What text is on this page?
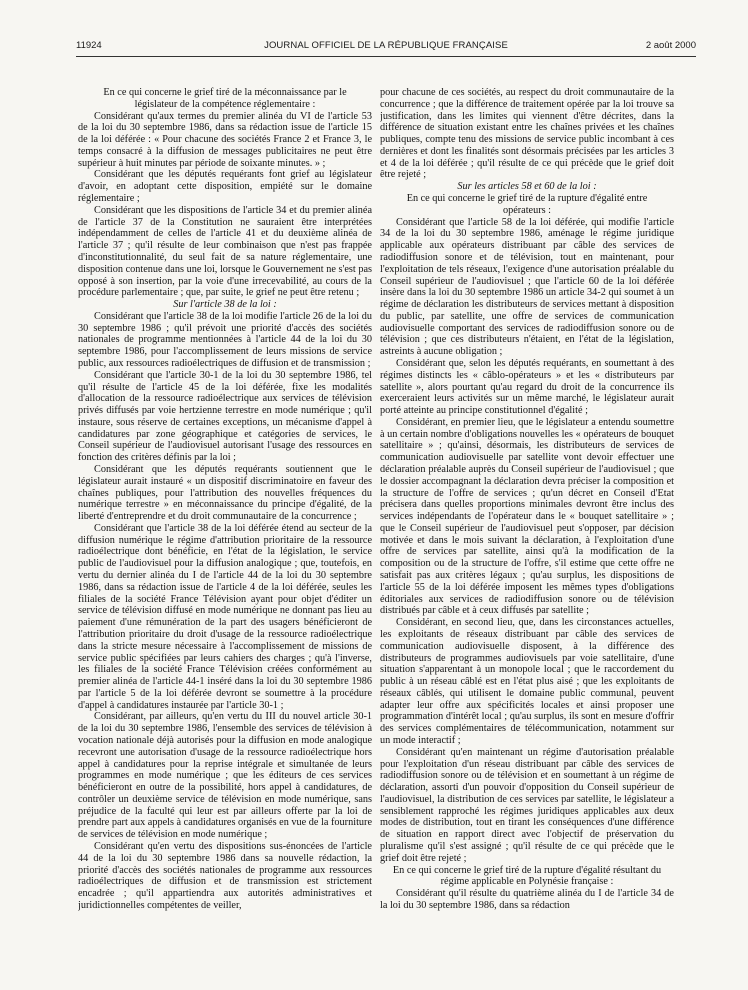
11924	JOURNAL OFFICIEL DE LA RÉPUBLIQUE FRANÇAISE	2 août 2000

En ce qui concerne le grief tiré de la méconnaissance par le législateur de la compétence réglementaire :

Considérant qu'aux termes du premier alinéa du VI de l'article 53 de la loi du 30 septembre 1986, dans sa rédaction issue de l'article 15 de la loi déférée : « Pour chacune des sociétés France 2 et France 3, le temps consacré à la diffusion de messages publicitaires ne peut être supérieur à huit minutes par période de soixante minutes. » ;

Considérant que les députés requérants font grief au législateur d'avoir, en adoptant cette disposition, empiété sur le domaine réglementaire ;

Considérant que les dispositions de l'article 34 et du premier alinéa de l'article 37 de la Constitution ne sauraient être interprétées indépendamment de celles de l'article 41 et du deuxième alinéa de l'article 37 ; qu'il résulte de leur combinaison que n'est pas frappée d'inconstitutionnalité, du seul fait de sa nature réglementaire, une disposition contenue dans une loi, lorsque le Gouvernement ne s'est pas opposé à son insertion, par la voie d'une irrecevabilité, au cours de la procédure parlementaire ; que, par suite, le grief ne peut être retenu ;

Sur l'article 38 de la loi :

Considérant que l'article 38 de la loi modifie l'article 26 de la loi du 30 septembre 1986 ; qu'il prévoit une priorité d'accès des sociétés nationales de programme mentionnées à l'article 44 de la loi du 30 septembre 1986, pour l'accomplissement de leurs missions de service public, aux ressources radioélectriques de diffusion et de transmission ;

Considérant que l'article 30-1 de la loi du 30 septembre 1986, tel qu'il résulte de l'article 45 de la loi déférée, fixe les modalités d'allocation de la ressource radioélectrique aux services de télévision privés diffusés par voie hertzienne terrestre en mode numérique ; qu'il instaure, sous réserve de certaines exceptions, un mécanisme d'appel à candidatures par zone géographique et catégories de services, le Conseil supérieur de l'audiovisuel autorisant l'usage des ressources en fonction des critères définis par la loi ;

Considérant que les députés requérants soutiennent que le législateur aurait instauré « un dispositif discriminatoire en faveur des chaînes publiques, pour l'attribution des nouvelles fréquences du numérique terrestre » en méconnaissance du principe d'égalité, de la liberté d'entreprendre et du droit communautaire de la concurrence ;

Considérant que l'article 38 de la loi déférée étend au secteur de la diffusion numérique le régime d'attribution prioritaire de la ressource radioélectrique dont bénéficie, en l'état de la législation, le service public de l'audiovisuel pour la diffusion analogique ; que, toutefois, en vertu du dernier alinéa du I de l'article 44 de la loi du 30 septembre 1986, dans sa rédaction issue de l'article 4 de la loi déférée, seules les filiales de la société France Télévision ayant pour objet d'éditer un service de télévision diffusé en mode numérique ne donnant pas lieu au paiement d'une rémunération de la part des usagers bénéficieront de l'attribution prioritaire du droit d'usage de la ressource radioélectrique dans la stricte mesure nécessaire à l'accomplissement de missions de service public spécifiées par leurs cahiers des charges ; qu'à l'inverse, les filiales de la société France Télévision créées conformément au premier alinéa de l'article 44-1 inséré dans la loi du 30 septembre 1986 par l'article 5 de la loi déférée devront se soumettre à la procédure d'appel à candidatures instaurée par l'article 30-1 ;

Considérant, par ailleurs, qu'en vertu du III du nouvel article 30-1 de la loi du 30 septembre 1986, l'ensemble des services de télévision à vocation nationale déjà autorisés pour la diffusion en mode analogique recevront une autorisation d'usage de la ressource radioélectrique hors appel à candidatures pour la reprise intégrale et simultanée de leurs programmes en mode numérique ; que les éditeurs de ces services bénéficieront en outre de la possibilité, hors appel à candidatures, de contrôler un deuxième service de télévision en mode numérique, sans préjudice de la faculté qui leur est par ailleurs offerte par la loi de prendre part aux appels à candidatures organisés en vue de la fourniture de services de télévision en mode numérique ;

Considérant qu'en vertu des dispositions sus-énoncées de l'article 44 de la loi du 30 septembre 1986 dans sa nouvelle rédaction, la priorité d'accès des sociétés nationales de programme aux ressources radioélectriques de diffusion et de transmission est strictement encadrée ; qu'il appartiendra aux autorités administratives et juridictionnelles compétentes de veiller,

pour chacune de ces sociétés, au respect du droit communautaire de la concurrence ; que la différence de traitement opérée par la loi trouve sa justification, dans les limites qui viennent d'être décrites, dans la différence de situation existant entre les chaînes privées et les chaînes publiques, compte tenu des missions de service public incombant à ces dernières et dont les finalités sont désormais précisées par les articles 3 et 4 de la loi déférée ; qu'il résulte de ce qui précède que le grief doit être rejeté ;

Sur les articles 58 et 60 de la loi :

En ce qui concerne le grief tiré de la rupture d'égalité entre opérateurs :

Considérant que l'article 58 de la loi déférée, qui modifie l'article 34 de la loi du 30 septembre 1986, aménage le régime juridique applicable aux opérateurs distribuant par câble des services de radiodiffusion sonore et de télévision, tout en maintenant, pour l'exploitation de tels réseaux, l'exigence d'une autorisation préalable du Conseil supérieur de l'audiovisuel ; que l'article 60 de la loi déférée insère dans la loi du 30 septembre 1986 un article 34-2 qui soumet à un régime de déclaration les distributeurs de services mettant à disposition du public, par satellite, une offre de services de communication audiovisuelle comportant des services de radiodiffusion sonore ou de télévision ; que ces distributeurs n'étaient, en l'état de la législation, astreints à aucune obligation ;

Considérant que, selon les députés requérants, en soumettant à des régimes distincts les « câblo-opérateurs » et les « distributeurs par satellite », alors pourtant qu'au regard du droit de la concurrence ils exerceraient leurs activités sur un même marché, le législateur aurait porté atteinte au principe constitutionnel d'égalité ;

Considérant, en premier lieu, que le législateur a entendu soumettre à un certain nombre d'obligations nouvelles les « opérateurs de bouquet satellitaire » ; qu'ainsi, désormais, les distributeurs de services de communication audiovisuelle par satellite vont devoir effectuer une déclaration préalable auprès du Conseil supérieur de l'audiovisuel ; que le dossier accompagnant la déclaration devra préciser la composition et la structure de l'offre de services ; qu'un décret en Conseil d'Etat précisera dans quelles proportions minimales devront être inclus des services indépendants de l'opérateur dans le « bouquet satellitaire » ; que le Conseil supérieur de l'audiovisuel peut s'opposer, par décision motivée et dans le mois suivant la déclaration, à l'exploitation d'une offre de services par satellite, ainsi qu'à la modification de la composition ou de la structure de l'offre, s'il estime que cette offre ne satisfait pas aux critères légaux ; qu'au surplus, les dispositions de l'article 55 de la loi déférée imposent les mêmes types d'obligations éditoriales aux services de radiodiffusion sonore ou de télévision distribués par câble et à ceux diffusés par satellite ;

Considérant, en second lieu, que, dans les circonstances actuelles, les exploitants de réseaux distribuant par câble des services de communication audiovisuelle disposent, à la différence des distributeurs de programmes audiovisuels par voie satellitaire, d'une situation s'apparentant à un monopole local ; que le raccordement du public à un réseau câblé est en l'état plus aisé ; que les exploitants de réseaux câblés, qui utilisent le domaine public communal, peuvent adapter leur offre aux spécificités locales et ainsi proposer une programmation d'intérêt local ; qu'au surplus, ils sont en mesure d'offrir des services complémentaires de télécommunication, notamment sur un mode interactif ;

Considérant qu'en maintenant un régime d'autorisation préalable pour l'exploitation d'un réseau distribuant par câble des services de radiodiffusion sonore ou de télévision et en soumettant à un régime de déclaration, assorti d'un pouvoir d'opposition du Conseil supérieur de l'audiovisuel, la distribution de ces services par satellite, le législateur a sensiblement rapproché les régimes juridiques applicables aux deux modes de distribution, tout en tirant les conséquences d'une différence de situation en rapport direct avec l'objectif de préservation du pluralisme qu'il s'est assigné ; qu'il résulte de ce qui précède que le grief doit être rejeté ;

En ce qui concerne le grief tiré de la rupture d'égalité résultant du régime applicable en Polynésie française :

Considérant qu'il résulte du quatrième alinéa du I de l'article 34 de la loi du 30 septembre 1986, dans sa rédaction
